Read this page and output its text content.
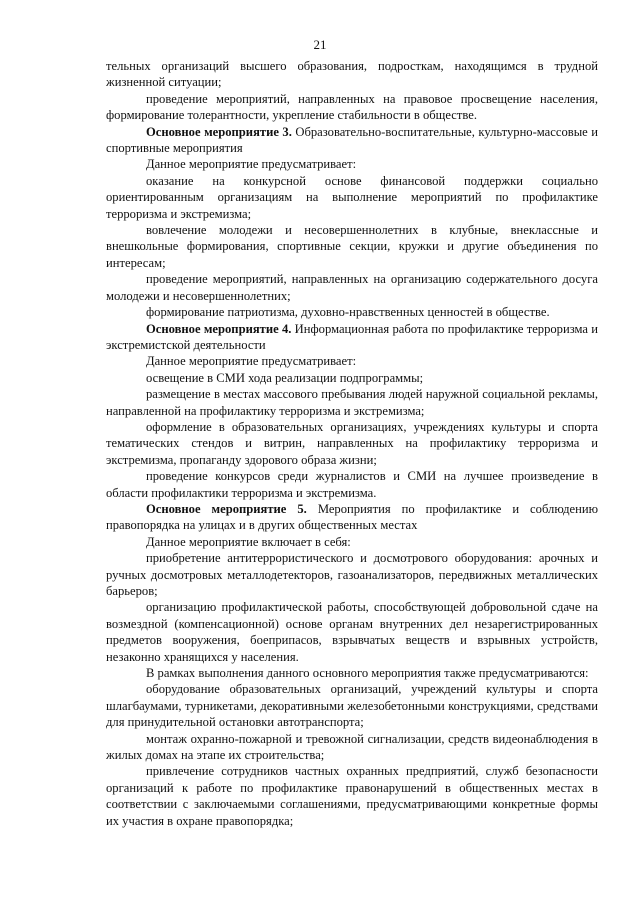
21

тельных организаций высшего образования, подросткам, находящимся в трудной жизненной ситуации;

проведение мероприятий, направленных на правовое просвещение населения, формирование толерантности, укрепление стабильности в обществе.

Основное мероприятие 3. Образовательно-воспитательные, культурно-массовые и спортивные мероприятия

Данное мероприятие предусматривает:

оказание на конкурсной основе финансовой поддержки социально ориентированным организациям на выполнение мероприятий по профилактике терроризма и экстремизма;

вовлечение молодежи и несовершеннолетних в клубные, внеклассные и внешкольные формирования, спортивные секции, кружки и другие объединения по интересам;

проведение мероприятий, направленных на организацию содержательного досуга молодежи и несовершеннолетних;

формирование патриотизма, духовно-нравственных ценностей в обществе.

Основное мероприятие 4. Информационная работа по профилактике терроризма и экстремистской деятельности

Данное мероприятие предусматривает:

освещение в СМИ хода реализации подпрограммы;

размещение в местах массового пребывания людей наружной социальной рекламы, направленной на профилактику терроризма и экстремизма;

оформление в образовательных организациях, учреждениях культуры и спорта тематических стендов и витрин, направленных на профилактику терроризма и экстремизма, пропаганду здорового образа жизни;

проведение конкурсов среди журналистов и СМИ на лучшее произведение в области профилактики терроризма и экстремизма.

Основное мероприятие 5. Мероприятия по профилактике и соблюдению правопорядка на улицах и в других общественных местах

Данное мероприятие включает в себя:

приобретение антитеррористического и досмотрового оборудования: арочных и ручных досмотровых металлодетекторов, газоанализаторов, передвижных металлических барьеров;

организацию профилактической работы, способствующей добровольной сдаче на возмездной (компенсационной) основе органам внутренних дел незарегистрированных предметов вооружения, боеприпасов, взрывчатых веществ и взрывных устройств, незаконно хранящихся у населения.

В рамках выполнения данного основного мероприятия также предусматриваются:

оборудование образовательных организаций, учреждений культуры и спорта шлагбаумами, турникетами, декоративными железобетонными конструкциями, средствами для принудительной остановки автотранспорта;

монтаж охранно-пожарной и тревожной сигнализации, средств видеонаблюдения в жилых домах на этапе их строительства;

привлечение сотрудников частных охранных предприятий, служб безопасности организаций к работе по профилактике правонарушений в общественных местах в соответствии с заключаемыми соглашениями, предусматривающими конкретные формы их участия в охране правопорядка;
